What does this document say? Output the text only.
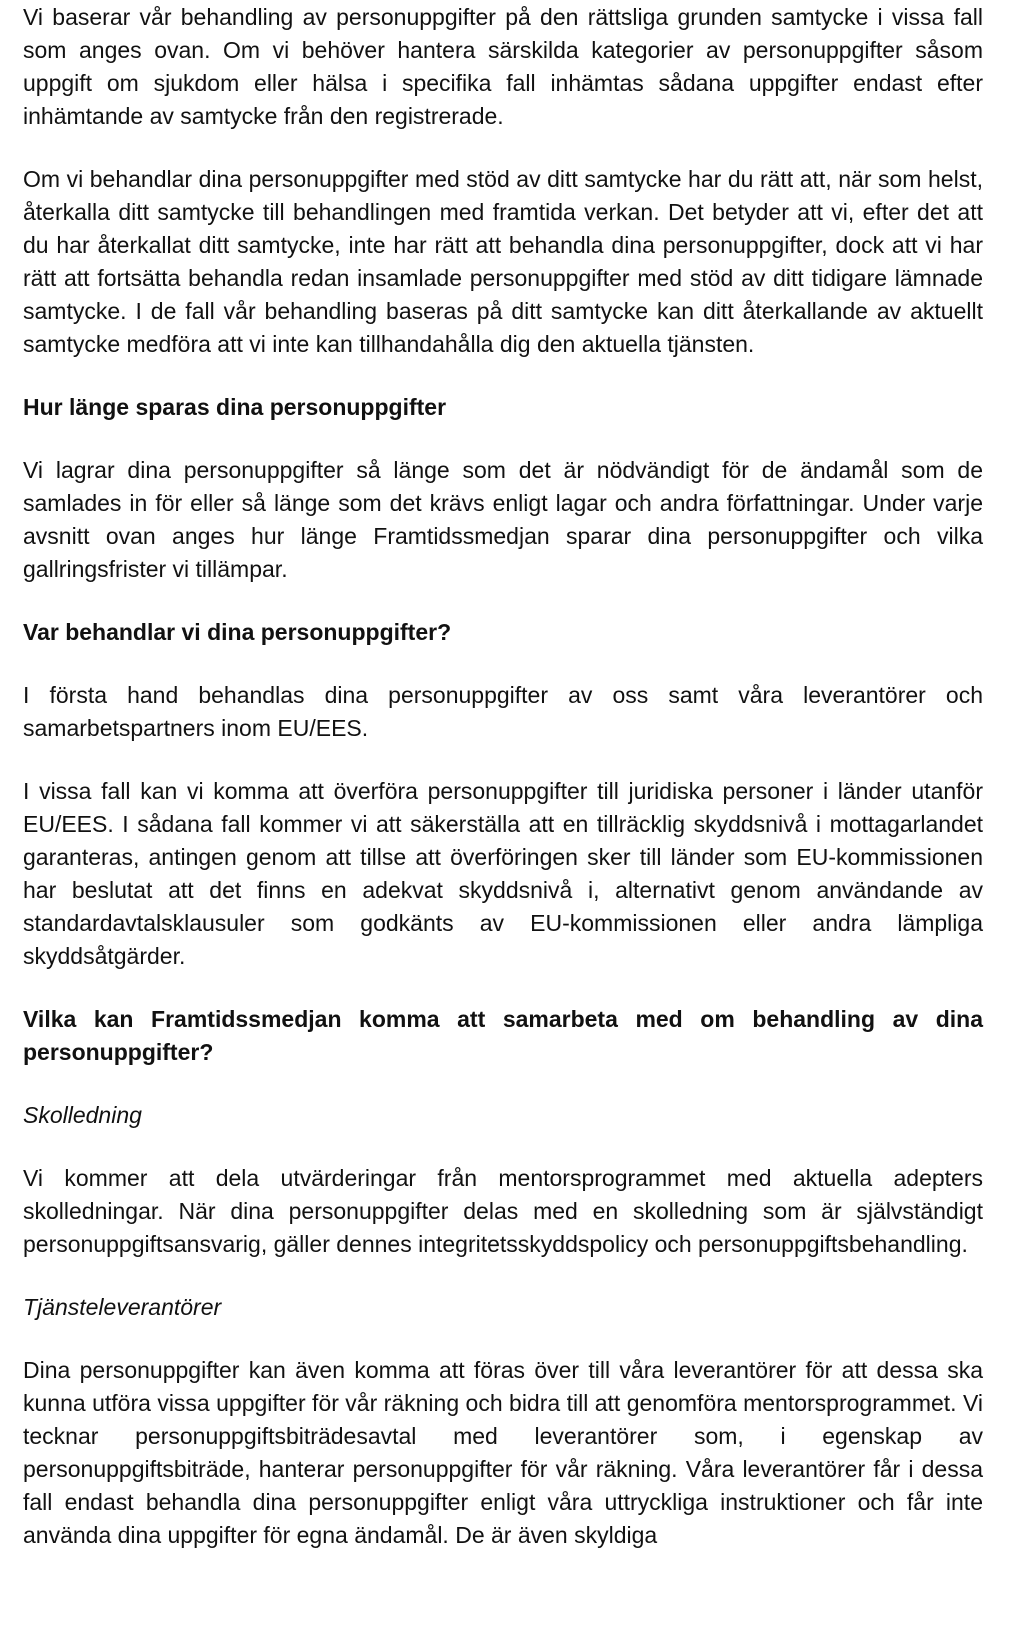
Vi baserar vår behandling av personuppgifter på den rättsliga grunden samtycke i vissa fall som anges ovan. Om vi behöver hantera särskilda kategorier av personuppgifter såsom uppgift om sjukdom eller hälsa i specifika fall inhämtas sådana uppgifter endast efter inhämtande av samtycke från den registrerade.

Om vi behandlar dina personuppgifter med stöd av ditt samtycke har du rätt att, när som helst, återkalla ditt samtycke till behandlingen med framtida verkan. Det betyder att vi, efter det att du har återkallat ditt samtycke, inte har rätt att behandla dina personuppgifter, dock att vi har rätt att fortsätta behandla redan insamlade personuppgifter med stöd av ditt tidigare lämnade samtycke. I de fall vår behandling baseras på ditt samtycke kan ditt återkallande av aktuellt samtycke medföra att vi inte kan tillhandahålla dig den aktuella tjänsten.

Hur länge sparas dina personuppgifter

Vi lagrar dina personuppgifter så länge som det är nödvändigt för de ändamål som de samlades in för eller så länge som det krävs enligt lagar och andra författningar. Under varje avsnitt ovan anges hur länge Framtidssmedjan sparar dina personuppgifter och vilka gallringsfrister vi tillämpar.

Var behandlar vi dina personuppgifter?

I första hand behandlas dina personuppgifter av oss samt våra leverantörer och samarbetspartners inom EU/EES.

I vissa fall kan vi komma att överföra personuppgifter till juridiska personer i länder utanför EU/EES. I sådana fall kommer vi att säkerställa att en tillräcklig skyddsnivå i mottagarlandet garanteras, antingen genom att tillse att överföringen sker till länder som EU-kommissionen har beslutat att det finns en adekvat skyddsnivå i, alternativt genom användande av standardavtalsklausuler som godkänts av EU-kommissionen eller andra lämpliga skyddsåtgärder.

Vilka kan Framtidssmedjan komma att samarbeta med om behandling av dina personuppgifter?

Skolledning

Vi kommer att dela utvärderingar från mentorsprogrammet med aktuella adepters skolledningar. När dina personuppgifter delas med en skolledning som är självständigt personuppgiftsansvarig, gäller dennes integritetsskyddspolicy och personuppgiftsbehandling.

Tjänsteleverantörer

Dina personuppgifter kan även komma att föras över till våra leverantörer för att dessa ska kunna utföra vissa uppgifter för vår räkning och bidra till att genomföra mentorsprogrammet. Vi tecknar personuppgiftsbiträdesavtal med leverantörer som, i egenskap av personuppgiftsbiträde, hanterar personuppgifter för vår räkning. Våra leverantörer får i dessa fall endast behandla dina personuppgifter enligt våra uttryckliga instruktioner och får inte använda dina uppgifter för egna ändamål. De är även skyldiga
